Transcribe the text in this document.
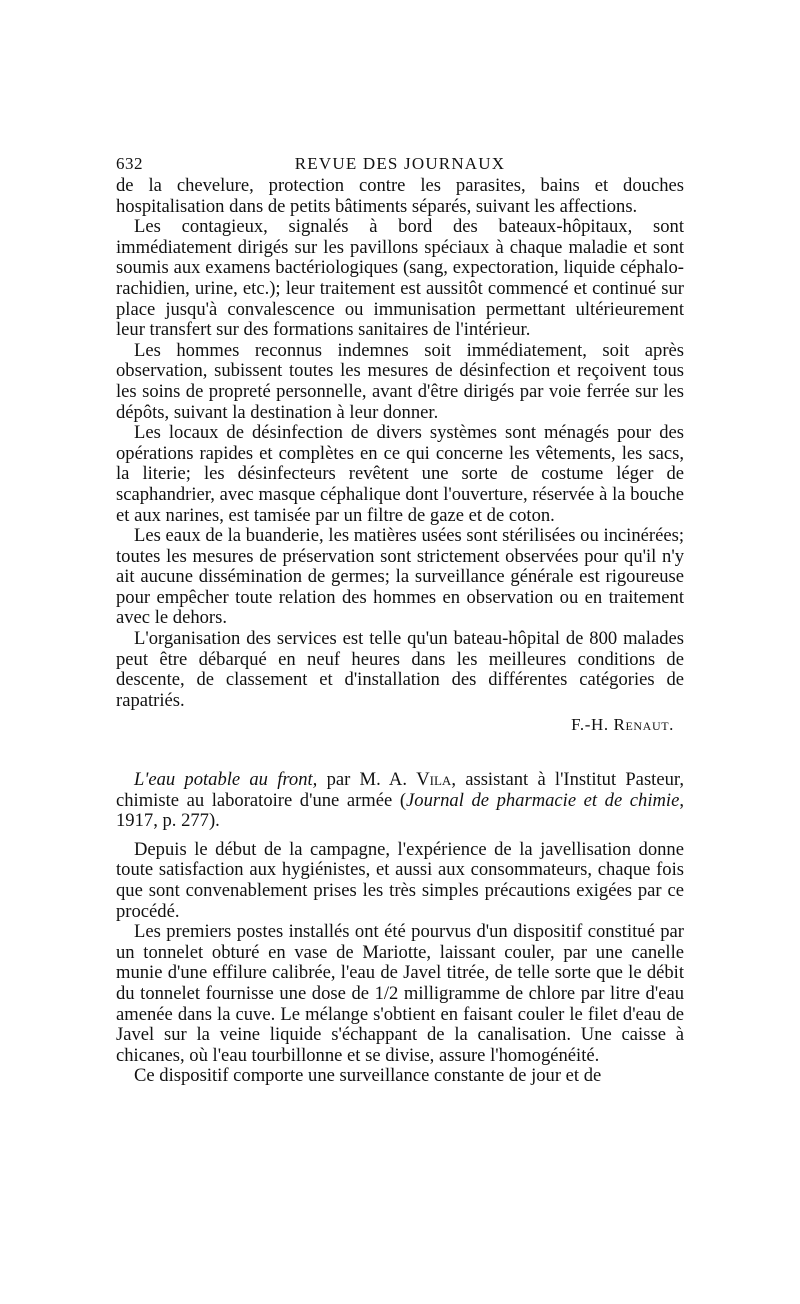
632	REVUE DES JOURNAUX

de la chevelure, protection contre les parasites, bains et douches hospitalisation dans de petits bâtiments séparés, suivant les affections.

Les contagieux, signalés à bord des bateaux-hôpitaux, sont immédiatement dirigés sur les pavillons spéciaux à chaque maladie et sont soumis aux examens bactériologiques (sang, expectoration, liquide céphalo-rachidien, urine, etc.); leur traitement est aussitôt commencé et continué sur place jusqu'à convalescence ou immunisation permettant ultérieurement leur transfert sur des formations sanitaires de l'intérieur.

Les hommes reconnus indemnes soit immédiatement, soit après observation, subissent toutes les mesures de désinfection et reçoivent tous les soins de propreté personnelle, avant d'être dirigés par voie ferrée sur les dépôts, suivant la destination à leur donner.

Les locaux de désinfection de divers systèmes sont ménagés pour des opérations rapides et complètes en ce qui concerne les vêtements, les sacs, la literie; les désinfecteurs revêtent une sorte de costume léger de scaphandrier, avec masque céphalique dont l'ouverture, réservée à la bouche et aux narines, est tamisée par un filtre de gaze et de coton.

Les eaux de la buanderie, les matières usées sont stérilisées ou incinérées; toutes les mesures de préservation sont strictement observées pour qu'il n'y ait aucune dissémination de germes; la surveillance générale est rigoureuse pour empêcher toute relation des hommes en observation ou en traitement avec le dehors.

L'organisation des services est telle qu'un bateau-hôpital de 800 malades peut être débarqué en neuf heures dans les meilleures conditions de descente, de classement et d'installation des différentes catégories de rapatriés.

F.-H. Renaut.

L'eau potable au front, par M. A. Vila, assistant à l'Institut Pasteur, chimiste au laboratoire d'une armée (Journal de pharmacie et de chimie, 1917, p. 277).

Depuis le début de la campagne, l'expérience de la javellisation donne toute satisfaction aux hygiénistes, et aussi aux consommateurs, chaque fois que sont convenablement prises les très simples précautions exigées par ce procédé.

Les premiers postes installés ont été pourvus d'un dispositif constitué par un tonnelet obturé en vase de Mariotte, laissant couler, par une canelle munie d'une effilure calibrée, l'eau de Javel titrée, de telle sorte que le débit du tonnelet fournisse une dose de 1/2 milligramme de chlore par litre d'eau amenée dans la cuve. Le mélange s'obtient en faisant couler le filet d'eau de Javel sur la veine liquide s'échappant de la canalisation. Une caisse à chicanes, où l'eau tourbillonne et se divise, assure l'homogénéité.

Ce dispositif comporte une surveillance constante de jour et de
